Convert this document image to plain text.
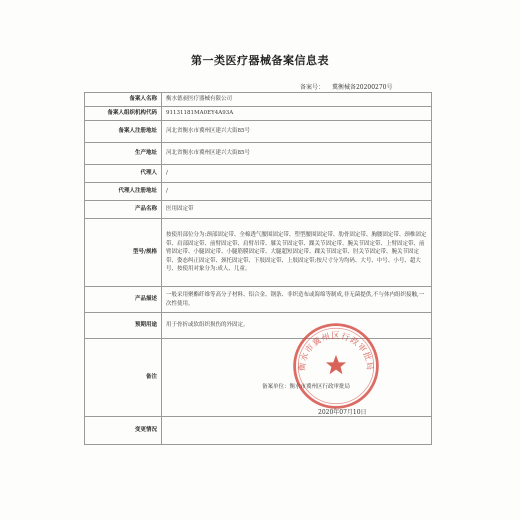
第一类医疗器械备案信息表
备案号： 冀衡械备20200270号
备案人名称	衡水德昶医疗器械有限公司
备案人组织机构代码	91131181MA0EY4A93A
备案人注册地址	河北省衡水市冀州区建兴大街85号
生产地址	河北省衡水市冀州区建兴大街85号
代理人	/
代理人注册地址	/
产品名称	医用固定带
型号/规格	按使用部位分为:颈部固定带、全棉透气腰围固定带、塑型腰围固定带、肋骨固定带、胸腰固定带、颈椎固定带、肩部固定带、前臂固定带、肩臂吊带、膝关节固定带、踝关节固定带、腕关节固定带、上臂固定带、前臂固定带、小腿固定带、小腿筋膜固定带、大腿超短固定带、踝关节固定带、肘关节固定带、腕关节固定带、姿态纠正固定带、颈托固定带、下肢固定带、上肢固定带;按尺寸分为均码、大号、中号、小号、超大号、按使用对象分为:成人、儿童。
产品描述	一般采用聚酯纤维等高分子材料、铝合金、钢条、非织造布或海绵等制成,非无菌提供,不与体内组织接触,一次性使用。
预期用途	用于骨折或软组织损伤的外固定。
备注	
变更情况	
衡水市冀州区行政审批局
备案单位：衡水市冀州区行政审批局
2020年07月10日
